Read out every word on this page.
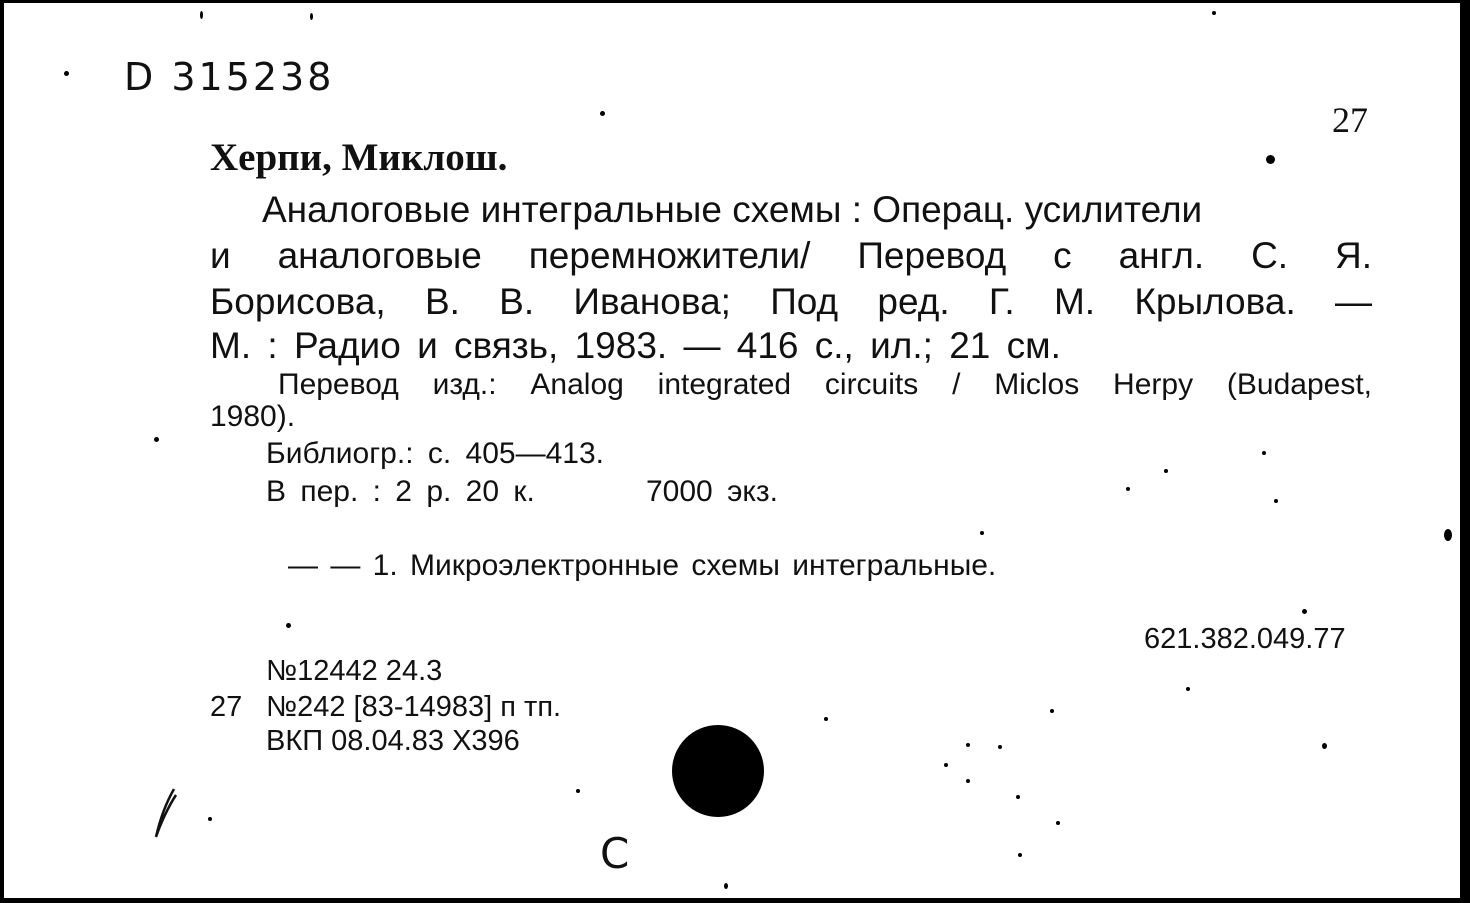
D 315238
27
Херпи, Миклош.
Аналоговые интегральные схемы : Операц. усилители
и аналоговые перемножители/ Перевод с англ. С. Я.
Борисова, В. В. Иванова; Под ред. Г. М. Крылова. —
М. : Радио и связь, 1983. — 416 с., ил.; 21 см.
Перевод изд.: Analog integrated circuits / Miclos Herpy (Budapest,
1980).
Библиогр.: с. 405—413.
В пер. : 2 р. 20 к.	7000 экз.
— — 1. Микроэлектронные схемы интегральные.
621.382.049.77
№12442 24.3
27 №242 [83-14983] п тп.
ВКП 08.04.83 Х396
С
